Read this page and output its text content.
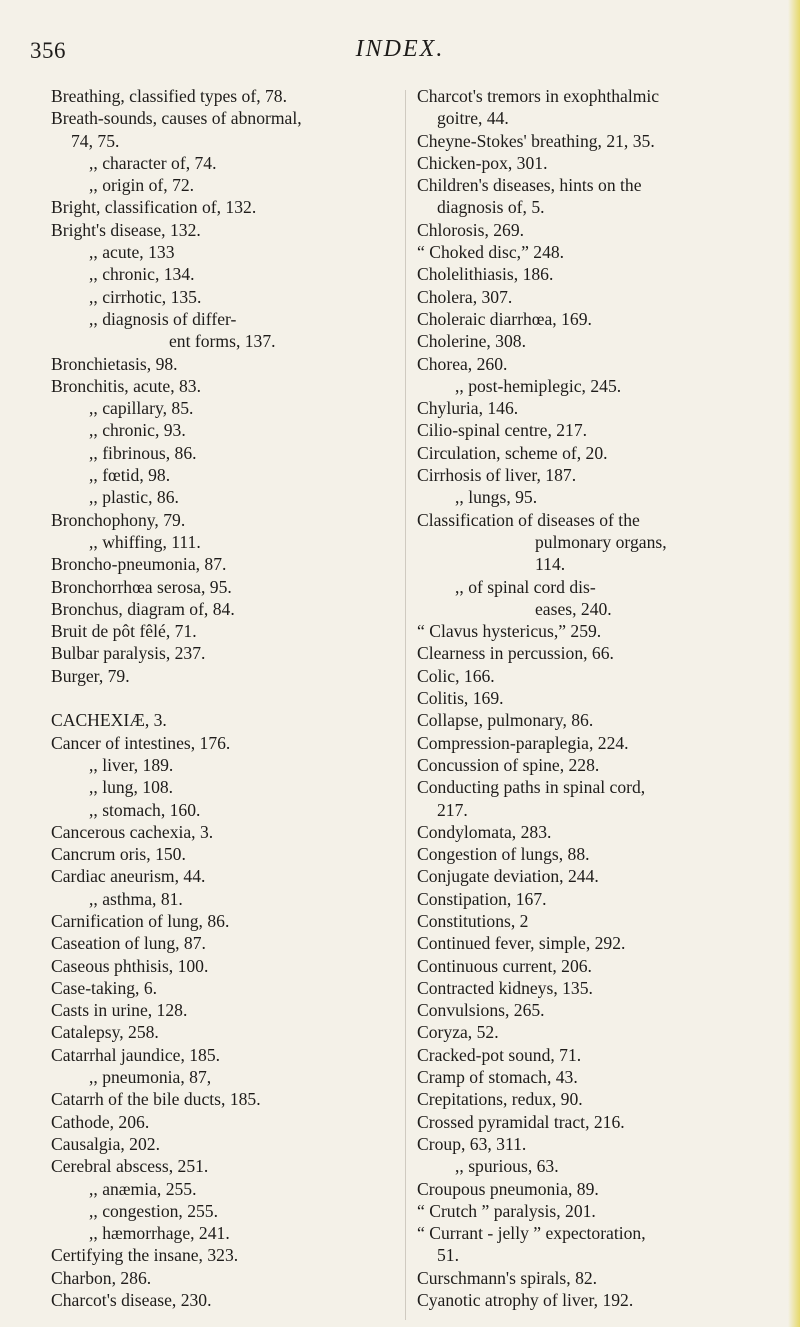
356	INDEX.
Breathing, classified types of, 78.
Breath-sounds, causes of abnormal,
74, 75.
,, character of, 74.
,, origin of, 72.
Bright, classification of, 132.
Bright's disease, 132.
,, acute, 133
,, chronic, 134.
,, cirrhotic, 135.
,, diagnosis of differ-
ent forms, 137.
Bronchietasis, 98.
Bronchitis, acute, 83.
,, capillary, 85.
,, chronic, 93.
,, fibrinous, 86.
,, fœtid, 98.
,, plastic, 86.
Bronchophony, 79.
,, whiffing, 111.
Broncho-pneumonia, 87.
Bronchorrhœa serosa, 95.
Bronchus, diagram of, 84.
Bruit de pôt fêlé, 71.
Bulbar paralysis, 237.
Burger, 79.
CACHEXIÆ, 3.
Cancer of intestines, 176.
,, liver, 189.
,, lung, 108.
,, stomach, 160.
Cancerous cachexia, 3.
Cancrum oris, 150.
Cardiac aneurism, 44.
,, asthma, 81.
Carnification of lung, 86.
Caseation of lung, 87.
Caseous phthisis, 100.
Case-taking, 6.
Casts in urine, 128.
Catalepsy, 258.
Catarrhal jaundice, 185.
,, pneumonia, 87,
Catarrh of the bile ducts, 185.
Cathode, 206.
Causalgia, 202.
Cerebral abscess, 251.
,, anæmia, 255.
,, congestion, 255.
,, hæmorrhage, 241.
Certifying the insane, 323.
Charbon, 286.
Charcot's disease, 230.
Charcot's tremors in exophthalmic
goitre, 44.
Cheyne-Stokes' breathing, 21, 35.
Chicken-pox, 301.
Children's diseases, hints on the
diagnosis of, 5.
Chlorosis, 269.
“ Choked disc,” 248.
Cholelithiasis, 186.
Cholera, 307.
Choleraic diarrhœa, 169.
Cholerine, 308.
Chorea, 260.
,, post-hemiplegic, 245.
Chyluria, 146.
Cilio-spinal centre, 217.
Circulation, scheme of, 20.
Cirrhosis of liver, 187.
,, lungs, 95.
Classification of diseases of the
pulmonary organs,
114.
,, of spinal cord dis-
eases, 240.
“ Clavus hystericus,” 259.
Clearness in percussion, 66.
Colic, 166.
Colitis, 169.
Collapse, pulmonary, 86.
Compression-paraplegia, 224.
Concussion of spine, 228.
Conducting paths in spinal cord,
217.
Condylomata, 283.
Congestion of lungs, 88.
Conjugate deviation, 244.
Constipation, 167.
Constitutions, 2
Continued fever, simple, 292.
Continuous current, 206.
Contracted kidneys, 135.
Convulsions, 265.
Coryza, 52.
Cracked-pot sound, 71.
Cramp of stomach, 43.
Crepitations, redux, 90.
Crossed pyramidal tract, 216.
Croup, 63, 311.
,, spurious, 63.
Croupous pneumonia, 89.
“ Crutch ” paralysis, 201.
“ Currant - jelly ” expectoration,
51.
Curschmann's spirals, 82.
Cyanotic atrophy of liver, 192.
